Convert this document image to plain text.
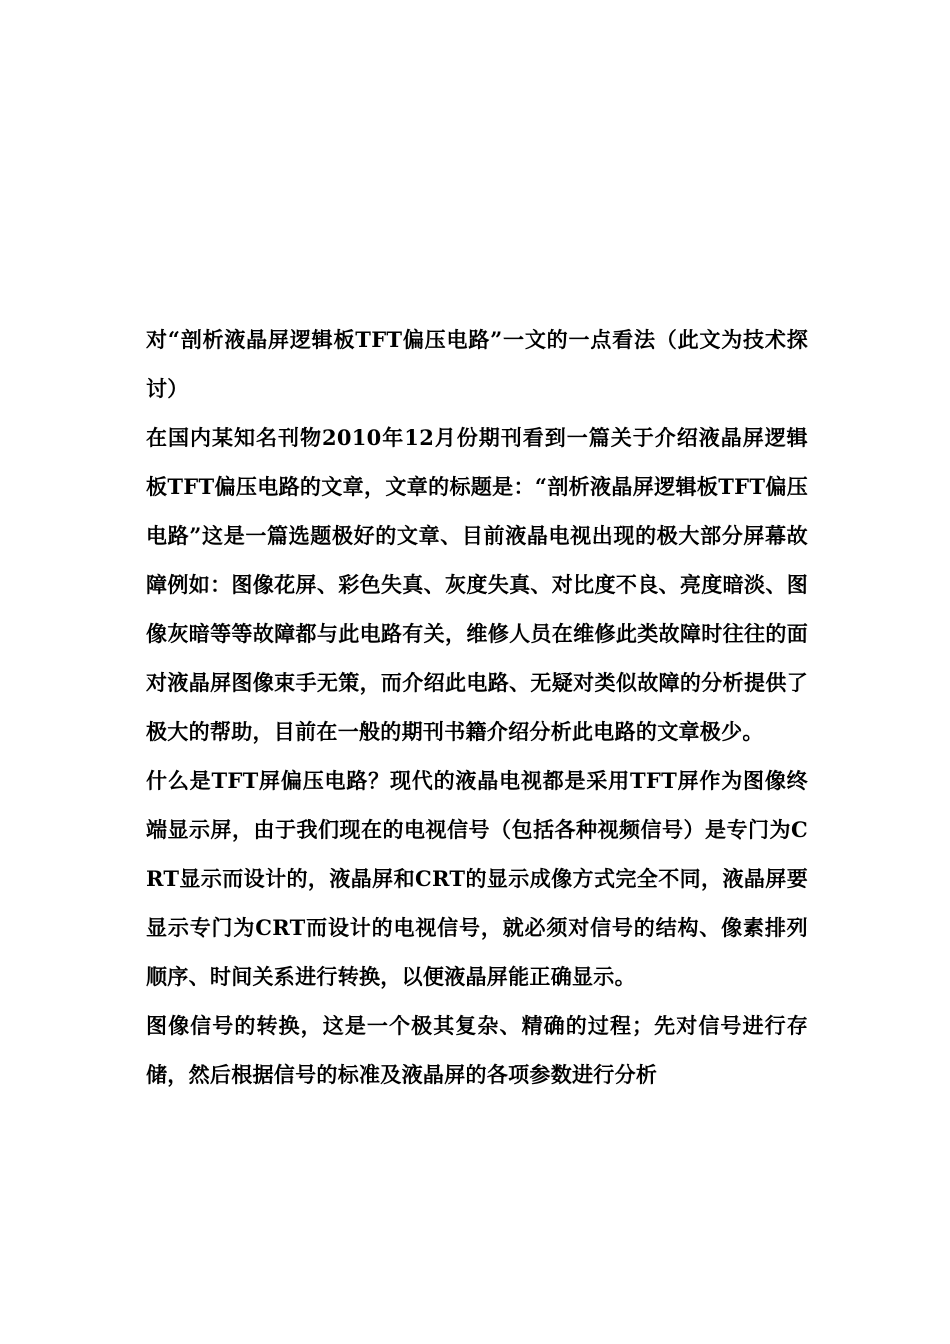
对“剖析液晶屏逻辑板TFT偏压电路”一文的一点看法（此文为技术探讨）

在国内某知名刊物2010年12月份期刊看到一篇关于介绍液晶屏逻辑板TFT偏压电路的文章，文章的标题是：“剖析液晶屏逻辑板TFT偏压电路”这是一篇选题极好的文章、目前液晶电视出现的极大部分屏幕故障例如：图像花屏、彩色失真、灰度失真、对比度不良、亮度暗淡、图像灰暗等等故障都与此电路有关，维修人员在维修此类故障时往往的面对液晶屏图像束手无策，而介绍此电路、无疑对类似故障的分析提供了极大的帮助，目前在一般的期刊书籍介绍分析此电路的文章极少。

什么是TFT屏偏压电路？现代的液晶电视都是采用TFT屏作为图像终端显示屏，由于我们现在的电视信号（包括各种视频信号）是专门为CRT显示而设计的，液晶屏和CRT的显示成像方式完全不同，液晶屏要显示专门为CRT而设计的电视信号，就必须对信号的结构、像素排列顺序、时间关系进行转换，以便液晶屏能正确显示。

图像信号的转换，这是一个极其复杂、精确的过程；先对信号进行存储，然后根据信号的标准及液晶屏的各项参数进行分析
